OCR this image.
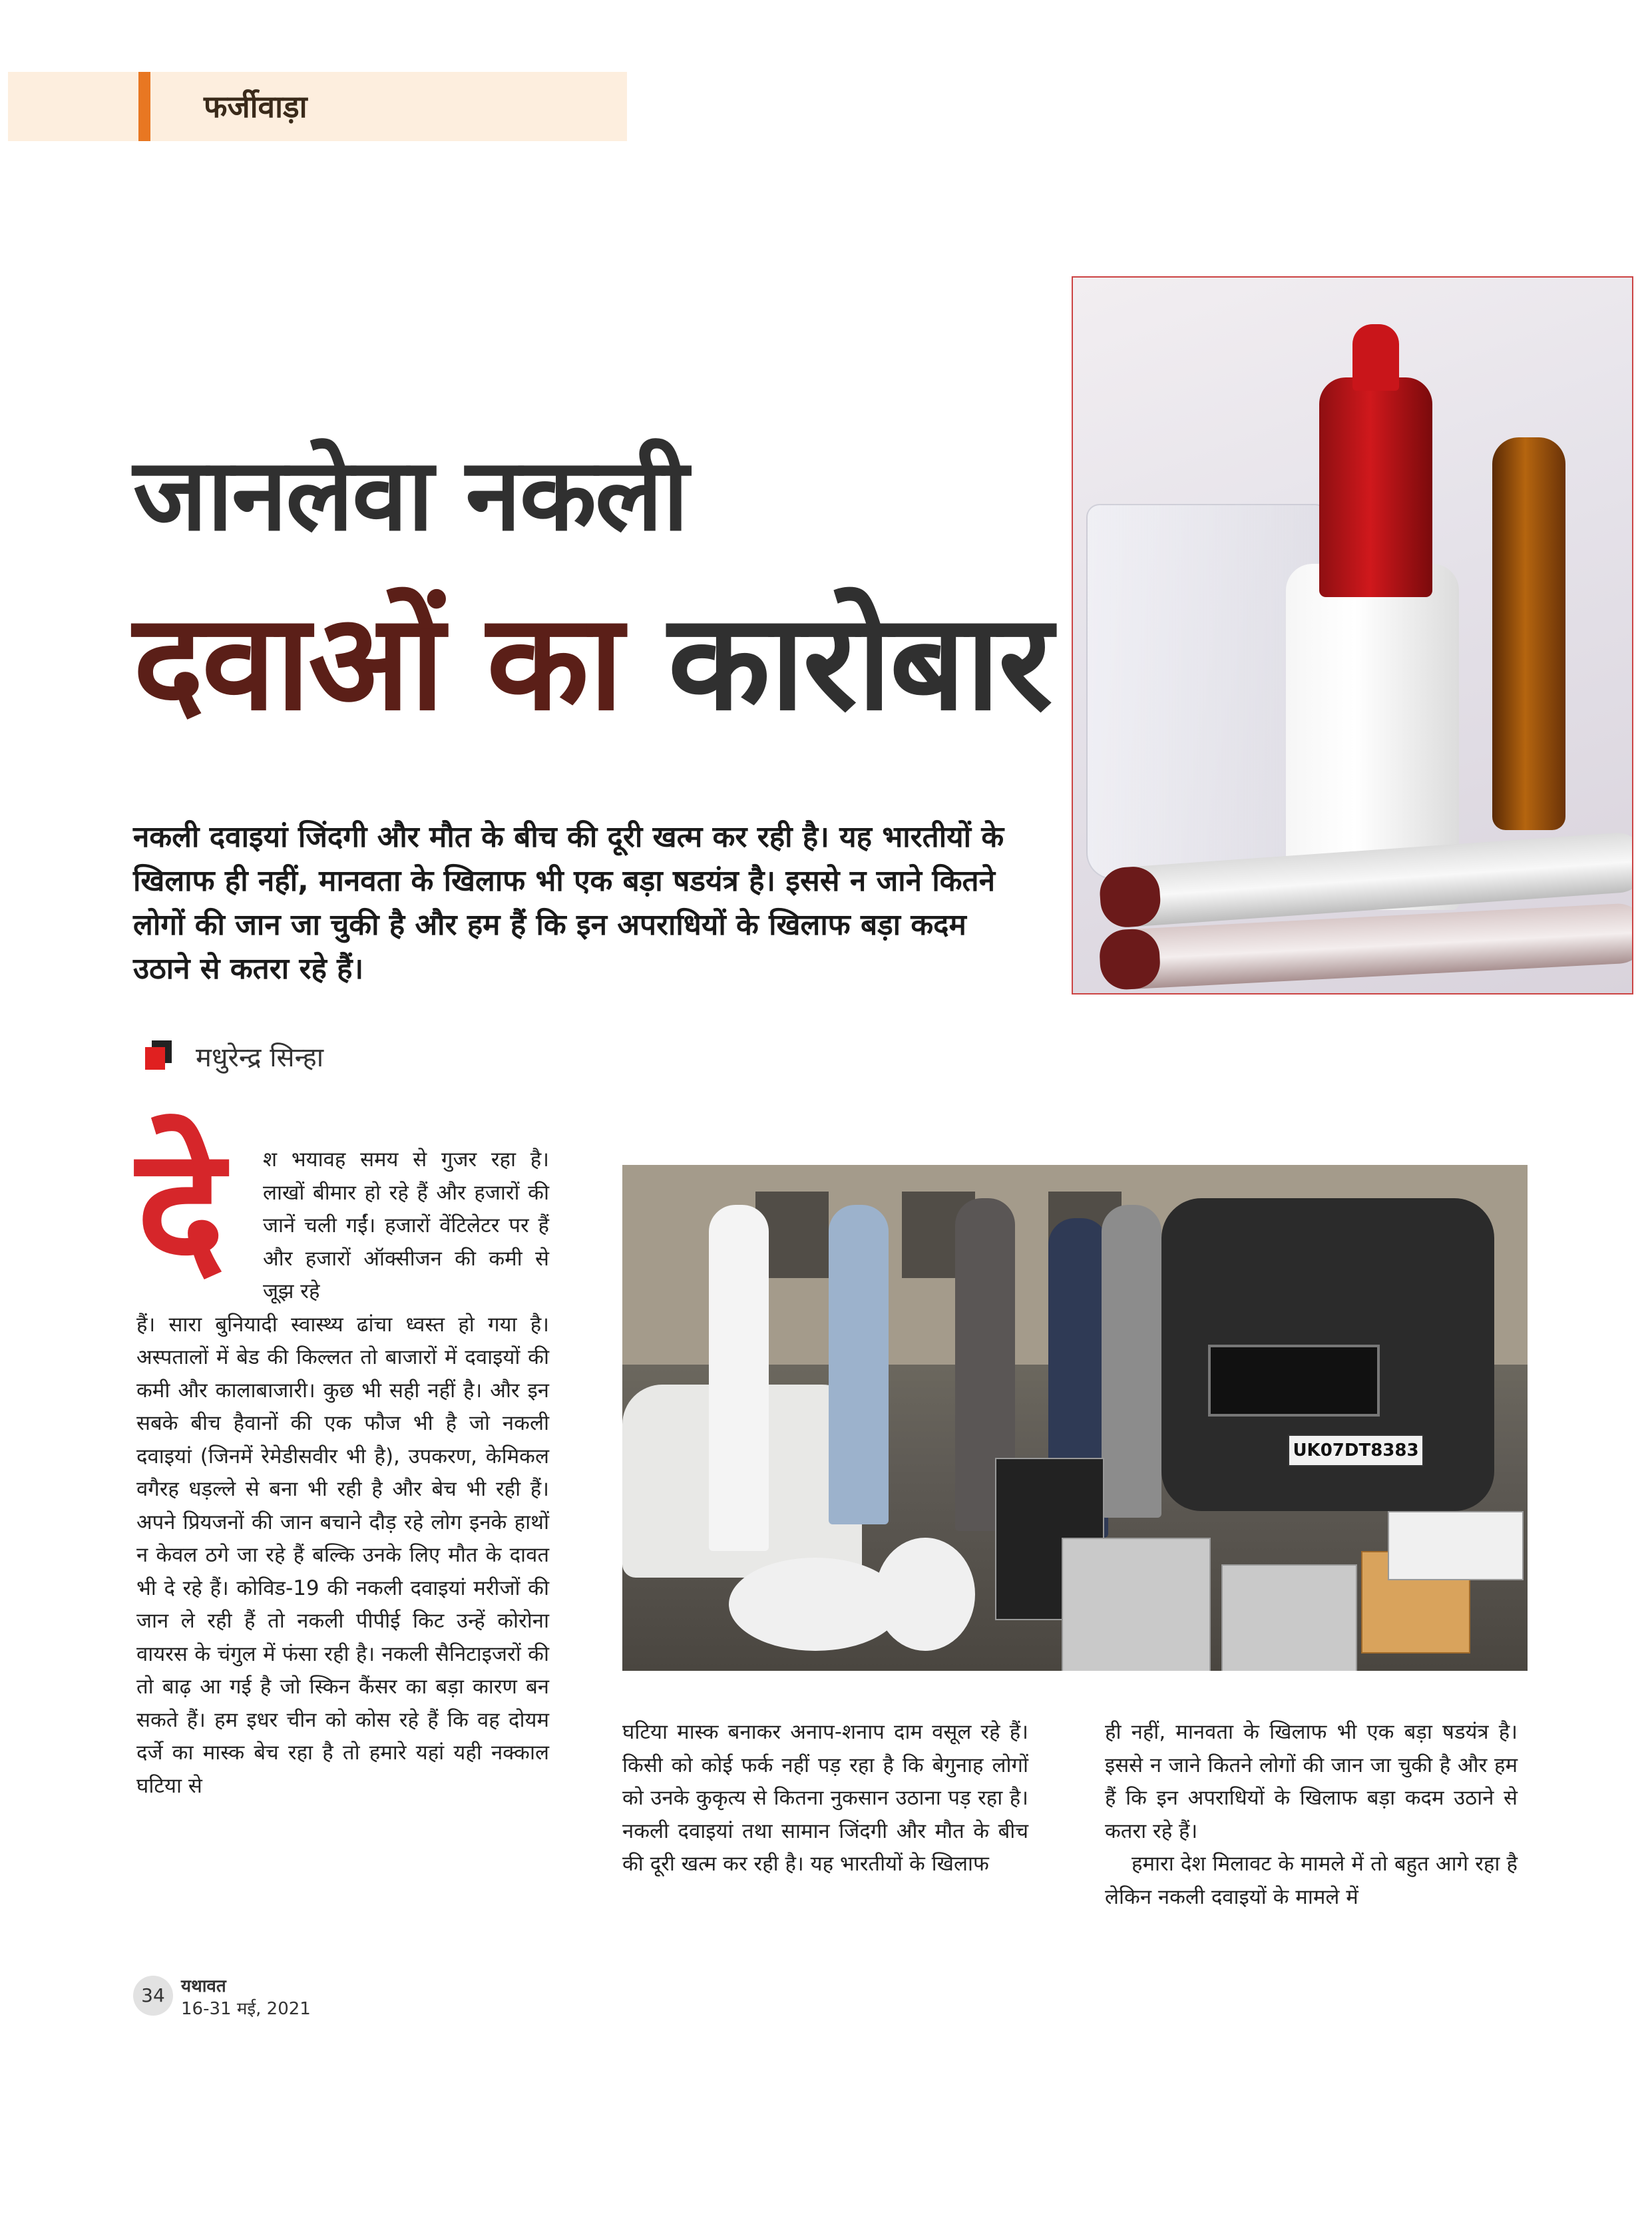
फर्जीवाड़ा
जानलेवा नकली
दवाओं का कारोबार
नकली दवाइयां जिंदगी और मौत के बीच की दूरी खत्म कर रही है। यह भारतीयों के खिलाफ ही नहीं, मानवता के खिलाफ भी एक बड़ा षडयंत्र है। इससे न जाने कितने लोगों की जान जा चुकी है और हम हैं कि इन अपराधियों के खिलाफ बड़ा कदम उठाने से कतरा रहे हैं।
मधुरेन्द्र सिन्हा
दे	श भयावह समय से गुजर रहा है। लाखों बीमार हो रहे हैं और हजारों की जानें चली गईं। हजारों वेंटिलेटर पर हैं और हजारों ऑक्सीजन की कमी से जूझ रहे
हैं। सारा बुनियादी स्वास्थ्य ढांचा ध्वस्त हो गया है। अस्पतालों में बेड की किल्लत तो बाजारों में दवाइयों की कमी और कालाबाजारी। कुछ भी सही नहीं है। और इन सबके बीच हैवानों की एक फौज भी है जो नकली दवाइयां (जिनमें रेमेडीसवीर भी है), उपकरण, केमिकल वगैरह धड़ल्ले से बना भी रही है और बेच भी रही हैं। अपने प्रियजनों की जान बचाने दौड़ रहे लोग इनके हाथों न केवल ठगे जा रहे हैं बल्कि उनके लिए मौत के दावत भी दे रहे हैं। कोविड-19 की नकली दवाइयां मरीजों की जान ले रही हैं तो नकली पीपीई किट उन्हें कोरोना वायरस के चंगुल में फंसा रही है। नकली सैनिटाइजरों की तो बाढ़ आ गई है जो स्किन कैंसर का बड़ा कारण बन सकते हैं। हम इधर चीन को कोस रहे हैं कि वह दोयम दर्जे का मास्क बेच रहा है तो हमारे यहां यही नक्काल घटिया से
UK07DT8383
घटिया मास्क बनाकर अनाप-शनाप दाम वसूल रहे हैं। किसी को कोई फर्क नहीं पड़ रहा है कि बेगुनाह लोगों को उनके कुकृत्य से कितना नुकसान उठाना पड़ रहा है। नकली दवाइयां तथा सामान जिंदगी और मौत के बीच की दूरी खत्म कर रही है। यह भारतीयों के खिलाफ
ही नहीं, मानवता के खिलाफ भी एक बड़ा षडयंत्र है। इससे न जाने कितने लोगों की जान जा चुकी है और हम हैं कि इन अपराधियों के खिलाफ बड़ा कदम उठाने से कतरा रहे हैं।
हमारा देश मिलावट के मामले में तो बहुत आगे रहा है लेकिन नकली दवाइयों के मामले में
34 यथावत
16-31 मई, 2021
